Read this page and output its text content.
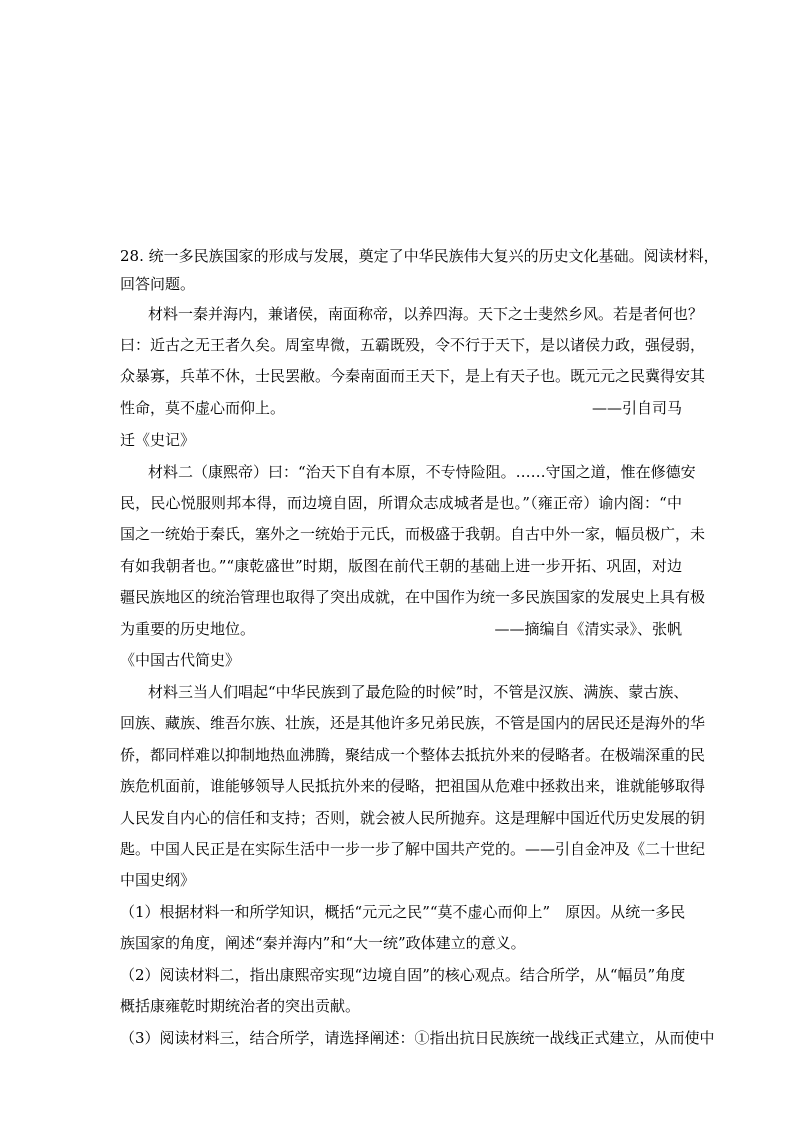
28. 统一多民族国家的形成与发展，奠定了中华民族伟大复兴的历史文化基础。阅读材料，
回答问题。
材料一秦并海内，兼诸侯，南面称帝，以养四海。天下之士斐然乡风。若是者何也？
曰：近古之无王者久矣。周室卑微，五霸既殁，令不行于天下，是以诸侯力政，强侵弱，
众暴寡，兵革不休，士民罢敝。今秦南面而王天下，是上有天子也。既元元之民冀得安其
性命，莫不虚心而仰上。	——引自司马
迁《史记》
材料二（康熙帝）曰：“治天下自有本原，不专恃险阻。……守国之道，惟在修德安
民，民心悦服则邦本得，而边境自固，所谓众志成城者是也。”（雍正帝）谕内阁：“中
国之一统始于秦氏，塞外之一统始于元氏，而极盛于我朝。自古中外一家，幅员极广，未
有如我朝者也。”“康乾盛世”时期，版图在前代王朝的基础上进一步开拓、巩固，对边
疆民族地区的统治管理也取得了突出成就，在中国作为统一多民族国家的发展史上具有极
为重要的历史地位。	——摘编自《清实录》、张帆
《中国古代简史》
材料三当人们唱起“中华民族到了最危险的时候”时，不管是汉族、满族、蒙古族、
回族、藏族、维吾尔族、壮族，还是其他许多兄弟民族，不管是国内的居民还是海外的华
侨，都同样难以抑制地热血沸腾，聚结成一个整体去抵抗外来的侵略者。在极端深重的民
族危机面前，谁能够领导人民抵抗外来的侵略，把祖国从危难中拯救出来，谁就能够取得
人民发自内心的信任和支持；否则，就会被人民所抛弃。这是理解中国近代历史发展的钥
匙。中国人民正是在实际生活中一步一步了解中国共产党的。——引自金冲及《二十世纪
中国史纲》
（1）根据材料一和所学知识，概括“元元之民”“莫不虚心而仰上”　原因。从统一多民
族国家的角度，阐述“秦并海内”和“大一统”政体建立的意义。
（2）阅读材料二，指出康熙帝实现“边境自固”的核心观点。结合所学，从“幅员”角度
概括康雍乾时期统治者的突出贡献。
（3）阅读材料三，结合所学，请选择阐述：①指出抗日民族统一战线正式建立，从而使中
